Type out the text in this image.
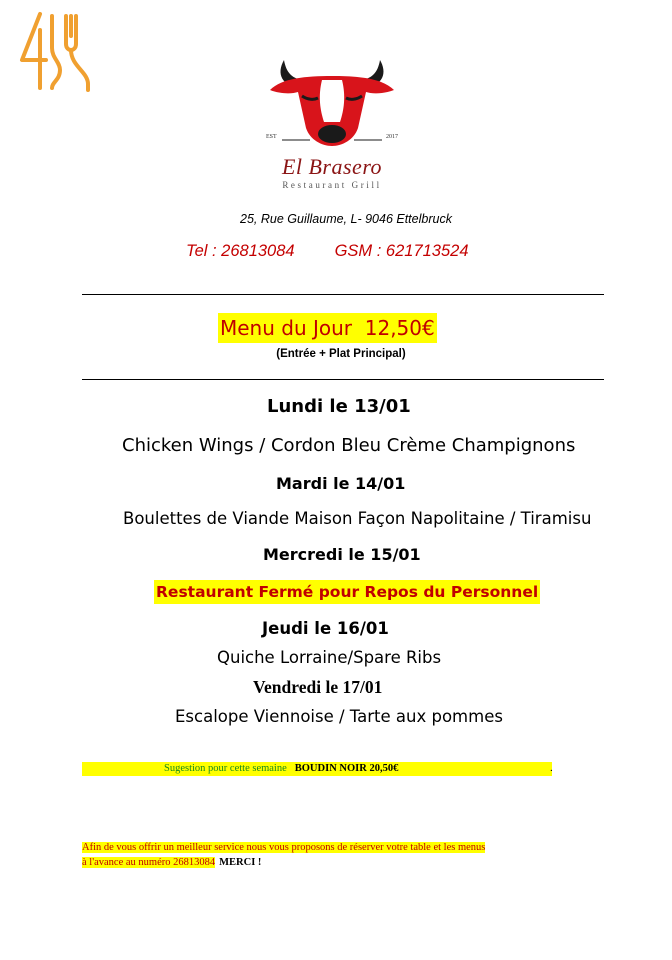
EST	2017
El Brasero
Restaurant Grill
25, Rue Guillaume, L- 9046 Ettelbruck
Tel : 26813084 GSM : 621713524
Menu du Jour  12,50€
(Entrée + Plat Principal)
Lundi le 13/01
Chicken Wings / Cordon Bleu Crème Champignons
Mardi le 14/01
Boulettes de Viande Maison Façon Napolitaine / Tiramisu
Mercredi le 15/01
Restaurant Fermé pour Repos du Personnel
Jeudi le 16/01
Quiche Lorraine/Spare Ribs
Vendredi le 17/01
Escalope Viennoise / Tarte aux pommes
Sugestion pour cette semaine BOUDIN NOIR 20,50€	.
Afin de vous offrir un meilleur service nous vous proposons de réserver votre table et les menus
à l'avance au numéro 26813084 MERCI !
